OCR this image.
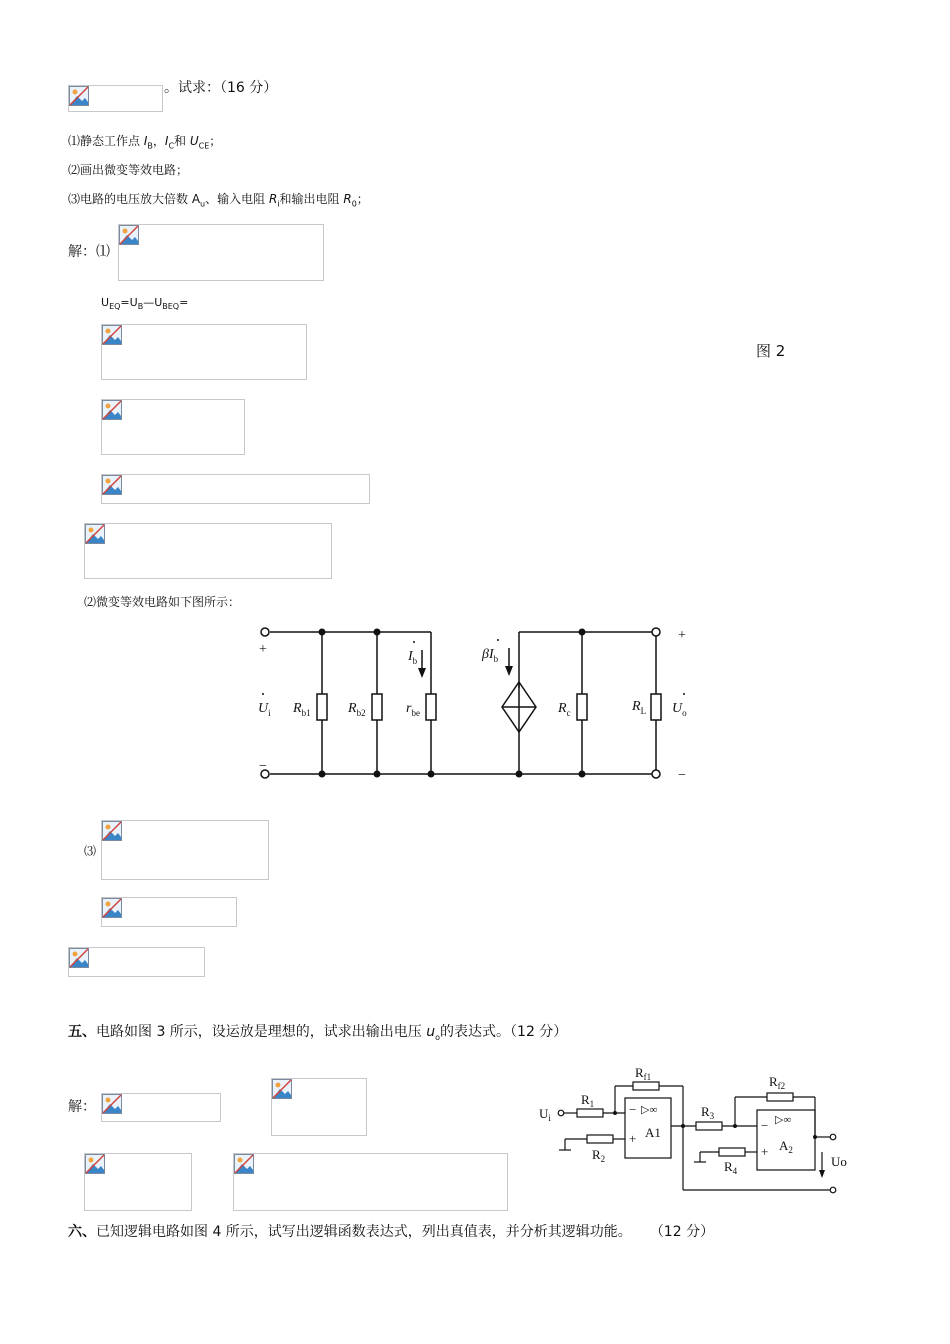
。试求：（16 分）
⑴静态工作点 $I_B$，$I_C$和 $U_{CE}$；
⑵画出微变等效电路；
⑶电路的电压放大倍数 $A_u$、输入电阻 $R_i$和输出电阻 $R_0$；
解：⑴
$U_{EQ}=U_B—U_{BEQ}=$
图 2
⑵微变等效电路如下图所示：
+
−
+
−
$U_i$ $R_{b1}$	$R_{b2}$	$r_{be}$
$I_b$	$\beta I_b$
$R_c$	$R_L$ $U_o$
⑶
五、电路如图 3 所示，设运放是理想的，试求出输出电压 $u_o$的表达式。（12 分）
解：
$R_{f1}$	$R_{f2}$
$R_1$
$R_2$
$R_3$
$R_4$
$U_i$
Uo
A1
$A_2$
−
+
−
+
▷∞
▷∞
六、已知逻辑电路如图 4 所示，试写出逻辑函数表达式，列出真值表，并分析其逻辑功能。 （12 分）
